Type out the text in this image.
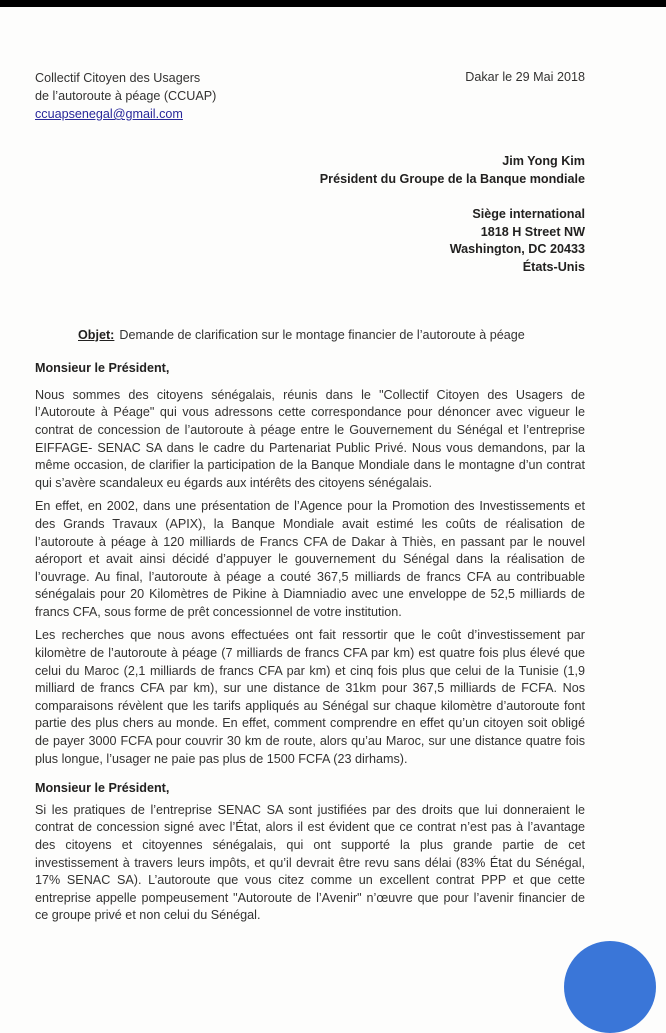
Collectif Citoyen des Usagers
de l’autoroute à péage (CCUAP)
ccuapsenegal@gmail.com
Dakar le 29 Mai 2018
Jim Yong Kim
Président du Groupe de la Banque mondiale
Siège international
1818 H Street NW
Washington, DC 20433
États-Unis
Objet: Demande de clarification sur le montage financier de l’autoroute à péage
Monsieur le Président,

Nous sommes des citoyens sénégalais, réunis dans le "Collectif Citoyen des Usagers de l’Autoroute à Péage" qui vous adressons cette correspondance pour dénoncer avec vigueur le contrat de concession de l’autoroute à péage entre le Gouvernement du Sénégal et l’entreprise EIFFAGE- SENAC SA dans le cadre du Partenariat Public Privé. Nous vous demandons, par la même occasion, de clarifier la participation de la Banque Mondiale dans le montagne d’un contrat qui s’avère scandaleux eu égards aux intérêts des citoyens sénégalais.

En effet, en 2002, dans une présentation de l’Agence pour la Promotion des Investissements et des Grands Travaux (APIX), la Banque Mondiale avait estimé les coûts de réalisation de l’autoroute à péage à 120 milliards de Francs CFA de Dakar à Thiès, en passant par le nouvel aéroport et avait ainsi décidé d’appuyer le gouvernement du Sénégal dans la réalisation de l’ouvrage. Au final, l’autoroute à péage a couté 367,5 milliards de francs CFA au contribuable sénégalais pour 20 Kilomètres de Pikine à Diamniadio avec une enveloppe de 52,5 milliards de francs CFA, sous forme de prêt concessionnel de votre institution.

Les recherches que nous avons effectuées ont fait ressortir que le coût d’investissement par kilomètre de l’autoroute à péage (7 milliards de francs CFA par km) est quatre fois plus élevé que celui du Maroc (2,1 milliards de francs CFA par km) et cinq fois plus que celui de la Tunisie (1,9 milliard de francs CFA par km), sur une distance de 31km pour 367,5 milliards de FCFA. Nos comparaisons révèlent que les tarifs appliqués au Sénégal sur chaque kilomètre d’autoroute font partie des plus chers au monde. En effet, comment comprendre en effet qu’un citoyen soit obligé de payer 3000 FCFA pour couvrir 30 km de route, alors qu’au Maroc, sur une distance quatre fois plus longue, l’usager ne paie pas plus de 1500 FCFA (23 dirhams).

Monsieur le Président,

Si les pratiques de l’entreprise SENAC SA sont justifiées par des droits que lui donneraient le contrat de concession signé avec l’État, alors il est évident que ce contrat n’est pas à l’avantage des citoyens et citoyennes sénégalais, qui ont supporté la plus grande partie de cet investissement à travers leurs impôts, et qu’il devrait être revu sans délai (83% État du Sénégal, 17% SENAC SA). L’autoroute que vous citez comme un excellent contrat PPP et que cette entreprise appelle pompeusement "Autoroute de l’Avenir" n’œuvre que pour l’avenir financier de ce groupe privé et non celui du Sénégal.
